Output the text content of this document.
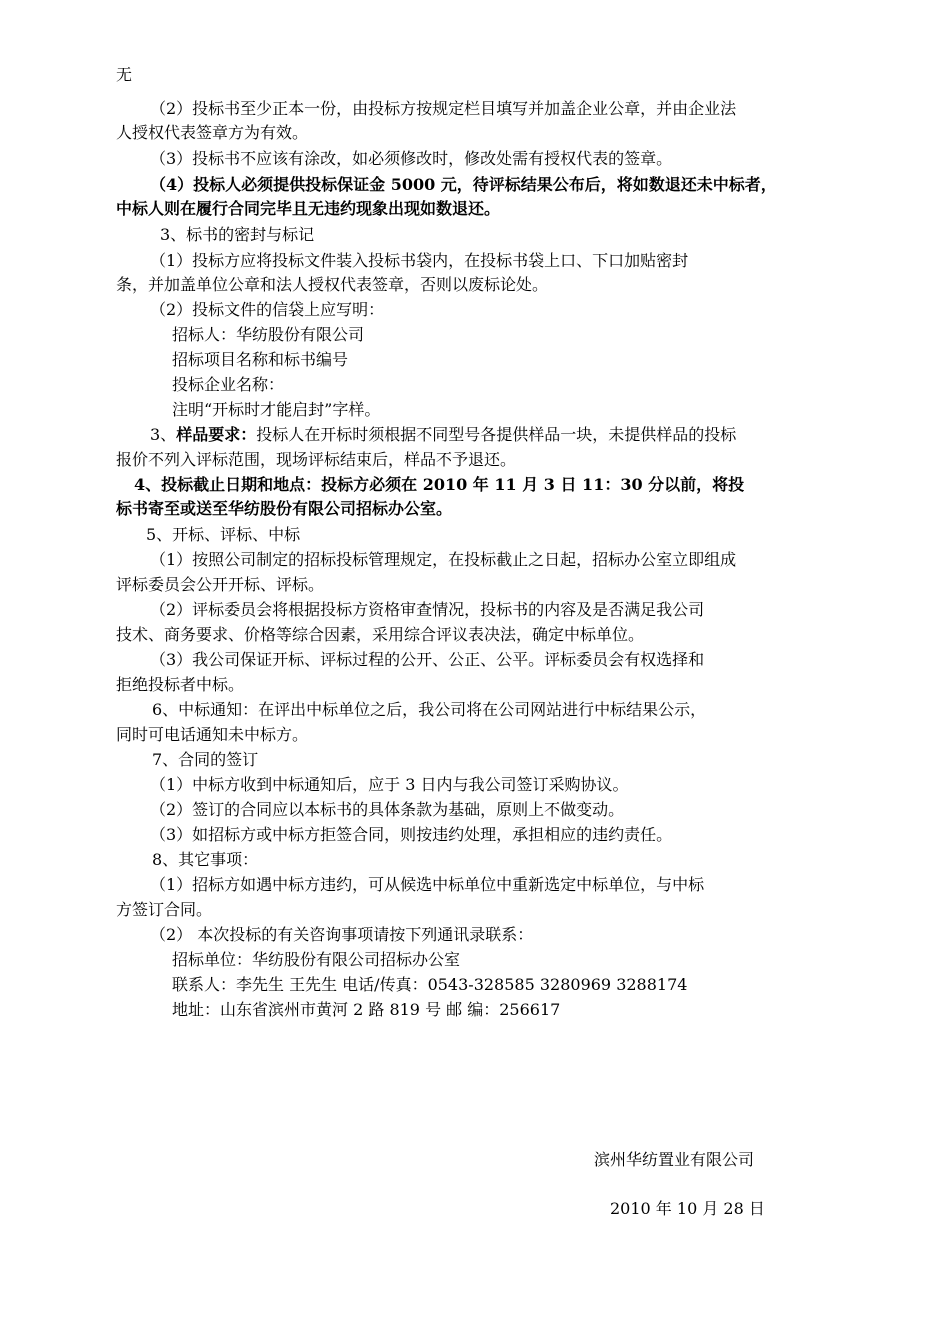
无
（2）投标书至少正本一份，由投标方按规定栏目填写并加盖企业公章，并由企业法
人授权代表签章方为有效。
（3）投标书不应该有涂改，如必须修改时，修改处需有授权代表的签章。
（4）投标人必须提供投标保证金 5000 元，待评标结果公布后，将如数退还未中标者，
中标人则在履行合同完毕且无违约现象出现如数退还。
3、标书的密封与标记
（1）投标方应将投标文件装入投标书袋内，在投标书袋上口、下口加贴密封
条，并加盖单位公章和法人授权代表签章，否则以废标论处。
（2）投标文件的信袋上应写明：
招标人：华纺股份有限公司
招标项目名称和标书编号
投标企业名称：
注明“开标时才能启封”字样。
3、样品要求：投标人在开标时须根据不同型号各提供样品一块，未提供样品的投标
报价不列入评标范围，现场评标结束后，样品不予退还。
4、投标截止日期和地点：投标方必须在 2010 年 11 月 3 日 11：30 分以前，将投
标书寄至或送至华纺股份有限公司招标办公室。
5、开标、评标、中标
（1）按照公司制定的招标投标管理规定，在投标截止之日起，招标办公室立即组成
评标委员会公开开标、评标。
（2）评标委员会将根据投标方资格审查情况，投标书的内容及是否满足我公司
技术、商务要求、价格等综合因素，采用综合评议表决法，确定中标单位。
（3）我公司保证开标、评标过程的公开、公正、公平。评标委员会有权选择和
拒绝投标者中标。
6、中标通知：在评出中标单位之后，我公司将在公司网站进行中标结果公示，
同时可电话通知未中标方。
7、合同的签订
（1）中标方收到中标通知后，应于 3 日内与我公司签订采购协议。
（2）签订的合同应以本标书的具体条款为基础，原则上不做变动。
（3）如招标方或中标方拒签合同，则按违约处理，承担相应的违约责任。
8、其它事项：
（1）招标方如遇中标方违约，可从候选中标单位中重新选定中标单位，与中标
方签订合同。
（2） 本次投标的有关咨询事项请按下列通讯录联系：
招标单位：华纺股份有限公司招标办公室
联系人：李先生 王先生 电话/传真：0543-328585 3280969 3288174
地址：山东省滨州市黄河 2 路 819 号 邮 编：256617
滨州华纺置业有限公司
2010 年 10 月 28 日
